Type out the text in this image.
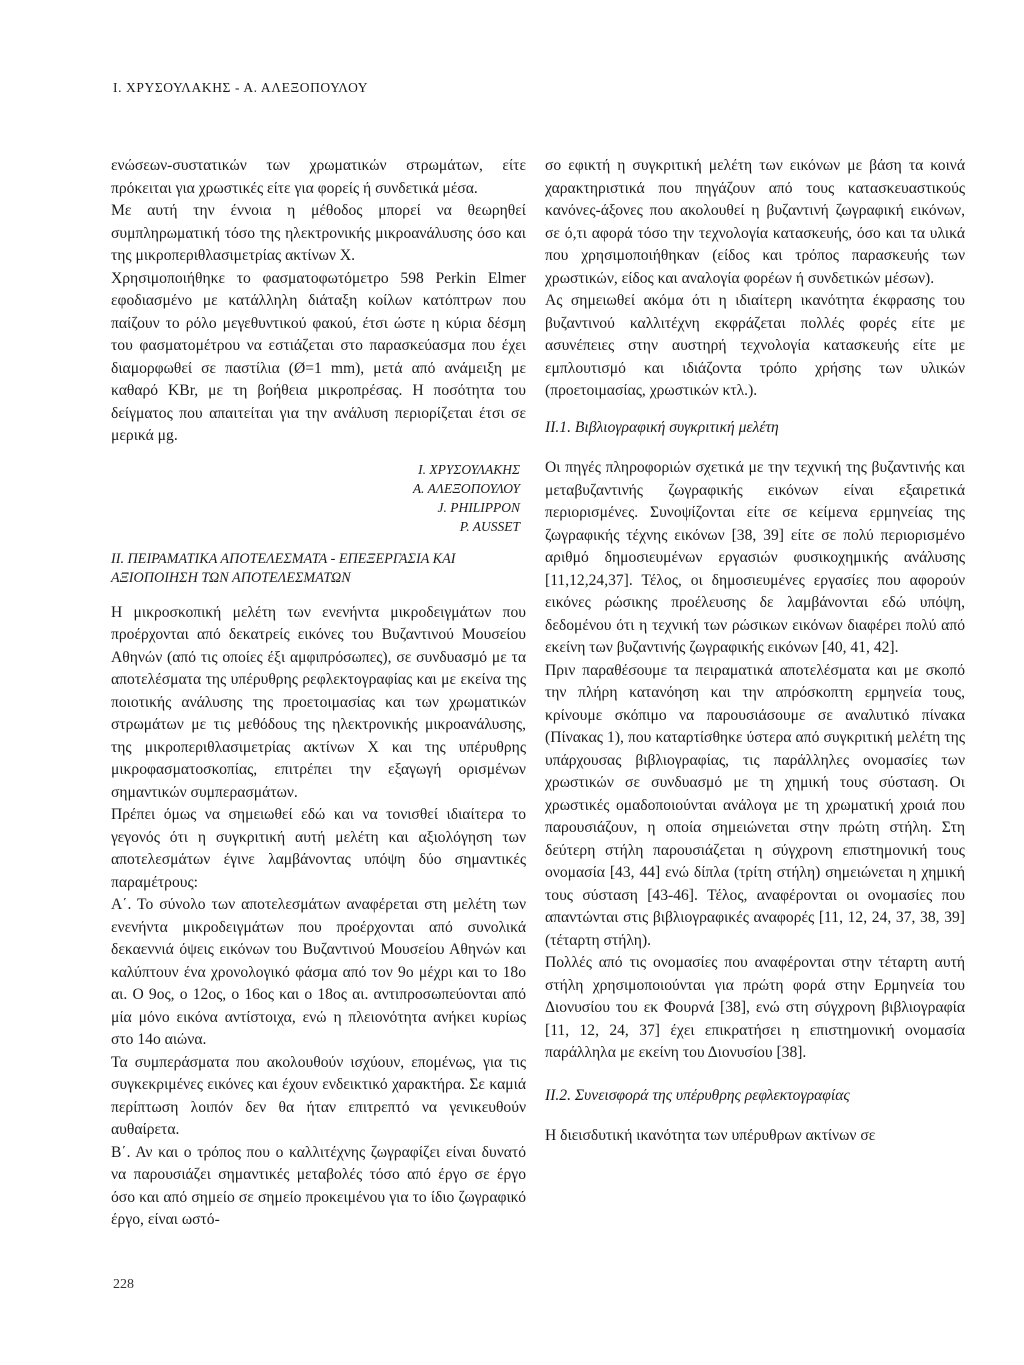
Ι. ΧΡΥΣΟΥΛΑΚΗΣ - Α. ΑΛΕΞΟΠΟΥΛΟΥ

ενώσεων-συστατικών των χρωματικών στρωμάτων, είτε πρόκειται για χρωστικές είτε για φορείς ή συνδετικά μέσα.

Με αυτή την έννοια η μέθοδος μπορεί να θεωρηθεί συμπληρωματική τόσο της ηλεκτρονικής μικροανάλυσης όσο και της μικροπεριθλασιμετρίας ακτίνων Χ.

Χρησιμοποιήθηκε το φασματοφωτόμετρο 598 Perkin Elmer εφοδιασμένο με κατάλληλη διάταξη κοίλων κατόπτρων που παίζουν το ρόλο μεγεθυντικού φακού, έτσι ώστε η κύρια δέσμη του φασματομέτρου να εστιάζεται στο παρασκεύασμα που έχει διαμορφωθεί σε παστίλια (Ø=1 mm), μετά από ανάμειξη με καθαρό KBr, με τη βοήθεια μικροπρέσας. Η ποσότητα του δείγματος που απαιτείται για την ανάλυση περιορίζεται έτσι σε μερικά μg.

Ι. ΧΡΥΣΟΥΛΑΚΗΣ
Α. ΑΛΕΞΟΠΟΥΛΟΥ
J. PHILIPPON
P. AUSSET
ΙΙ. ΠΕΙΡΑΜΑΤΙΚΑ ΑΠΟΤΕΛΕΣΜΑΤΑ - ΕΠΕΞΕΡΓΑΣΙΑ ΚΑΙ ΑΞΙΟΠΟΙΗΣΗ ΤΩΝ ΑΠΟΤΕΛΕΣΜΑΤΩΝ

Η μικροσκοπική μελέτη των ενενήντα μικροδειγμάτων που προέρχονται από δεκατρείς εικόνες του Βυζαντινού Μουσείου Αθηνών (από τις οποίες έξι αμφιπρόσωπες), σε συνδυασμό με τα αποτελέσματα της υπέρυθρης ρεφλεκτογραφίας και με εκείνα της ποιοτικής ανάλυσης της προετοιμασίας και των χρωματικών στρωμάτων με τις μεθόδους της ηλεκτρονικής μικροανάλυσης, της μικροπεριθλασιμετρίας ακτίνων Χ και της υπέρυθρης μικροφασματοσκοπίας, επιτρέπει την εξαγωγή ορισμένων σημαντικών συμπερασμάτων.

Πρέπει όμως να σημειωθεί εδώ και να τονισθεί ιδιαίτερα το γεγονός ότι η συγκριτική αυτή μελέτη και αξιολόγηση των αποτελεσμάτων έγινε λαμβάνοντας υπόψη δύο σημαντικές παραμέτρους:

Α΄. Το σύνολο των αποτελεσμάτων αναφέρεται στη μελέτη των ενενήντα μικροδειγμάτων που προέρχονται από συνολικά δεκαεννιά όψεις εικόνων του Βυζαντινού Μουσείου Αθηνών και καλύπτουν ένα χρονολογικό φάσμα από τον 9ο μέχρι και το 18ο αι. Ο 9ος, ο 12ος, ο 16ος και ο 18ος αι. αντιπροσωπεύονται από μία μόνο εικόνα αντίστοιχα, ενώ η πλειονότητα ανήκει κυρίως στο 14ο αιώνα.

Τα συμπεράσματα που ακολουθούν ισχύουν, επομένως, για τις συγκεκριμένες εικόνες και έχουν ενδεικτικό χαρακτήρα. Σε καμιά περίπτωση λοιπόν δεν θα ήταν επιτρεπτό να γενικευθούν αυθαίρετα.

Β΄. Αν και ο τρόπος που ο καλλιτέχνης ζωγραφίζει είναι δυνατό να παρουσιάζει σημαντικές μεταβολές τόσο από έργο σε έργο όσο και από σημείο σε σημείο προκειμένου για το ίδιο ζωγραφικό έργο, είναι ωστό-

σο εφικτή η συγκριτική μελέτη των εικόνων με βάση τα κοινά χαρακτηριστικά που πηγάζουν από τους κατασκευαστικούς κανόνες-άξονες που ακολουθεί η βυζαντινή ζωγραφική εικόνων, σε ό,τι αφορά τόσο την τεχνολογία κατασκευής, όσο και τα υλικά που χρησιμοποιήθηκαν (είδος και τρόπος παρασκευής των χρωστικών, είδος και αναλογία φορέων ή συνδετικών μέσων).

Ας σημειωθεί ακόμα ότι η ιδιαίτερη ικανότητα έκφρασης του βυζαντινού καλλιτέχνη εκφράζεται πολλές φορές είτε με ασυνέπειες στην αυστηρή τεχνολογία κατασκευής είτε με εμπλουτισμό και ιδιάζοντα τρόπο χρήσης των υλικών (προετοιμασίας, χρωστικών κτλ.).

ΙΙ.1. Βιβλιογραφική συγκριτική μελέτη

Οι πηγές πληροφοριών σχετικά με την τεχνική της βυζαντινής και μεταβυζαντινής ζωγραφικής εικόνων είναι εξαιρετικά περιορισμένες. Συνοψίζονται είτε σε κείμενα ερμηνείας της ζωγραφικής τέχνης εικόνων [38, 39] είτε σε πολύ περιορισμένο αριθμό δημοσιευμένων εργασιών φυσικοχημικής ανάλυσης [11,12,24,37]. Τέλος, οι δημοσιευμένες εργασίες που αφορούν εικόνες ρώσικης προέλευσης δε λαμβάνονται εδώ υπόψη, δεδομένου ότι η τεχνική των ρώσικων εικόνων διαφέρει πολύ από εκείνη των βυζαντινής ζωγραφικής εικόνων [40, 41, 42].

Πριν παραθέσουμε τα πειραματικά αποτελέσματα και με σκοπό την πλήρη κατανόηση και την απρόσκοπτη ερμηνεία τους, κρίνουμε σκόπιμο να παρουσιάσουμε σε αναλυτικό πίνακα (Πίνακας 1), που καταρτίσθηκε ύστερα από συγκριτική μελέτη της υπάρχουσας βιβλιογραφίας, τις παράλληλες ονομασίες των χρωστικών σε συνδυασμό με τη χημική τους σύσταση. Οι χρωστικές ομαδοποιούνται ανάλογα με τη χρωματική χροιά που παρουσιάζουν, η οποία σημειώνεται στην πρώτη στήλη. Στη δεύτερη στήλη παρουσιάζεται η σύγχρονη επιστημονική τους ονομασία [43, 44] ενώ δίπλα (τρίτη στήλη) σημειώνεται η χημική τους σύσταση [43-46]. Τέλος, αναφέρονται οι ονομασίες που απαντώνται στις βιβλιογραφικές αναφορές [11, 12, 24, 37, 38, 39] (τέταρτη στήλη).

Πολλές από τις ονομασίες που αναφέρονται στην τέταρτη αυτή στήλη χρησιμοποιούνται για πρώτη φορά στην Ερμηνεία του Διονυσίου του εκ Φουρνά [38], ενώ στη σύγχρονη βιβλιογραφία [11, 12, 24, 37] έχει επικρατήσει η επιστημονική ονομασία παράλληλα με εκείνη του Διονυσίου [38].

ΙΙ.2. Συνεισφορά της υπέρυθρης ρεφλεκτογραφίας

Η διεισδυτική ικανότητα των υπέρυθρων ακτίνων σε

228
